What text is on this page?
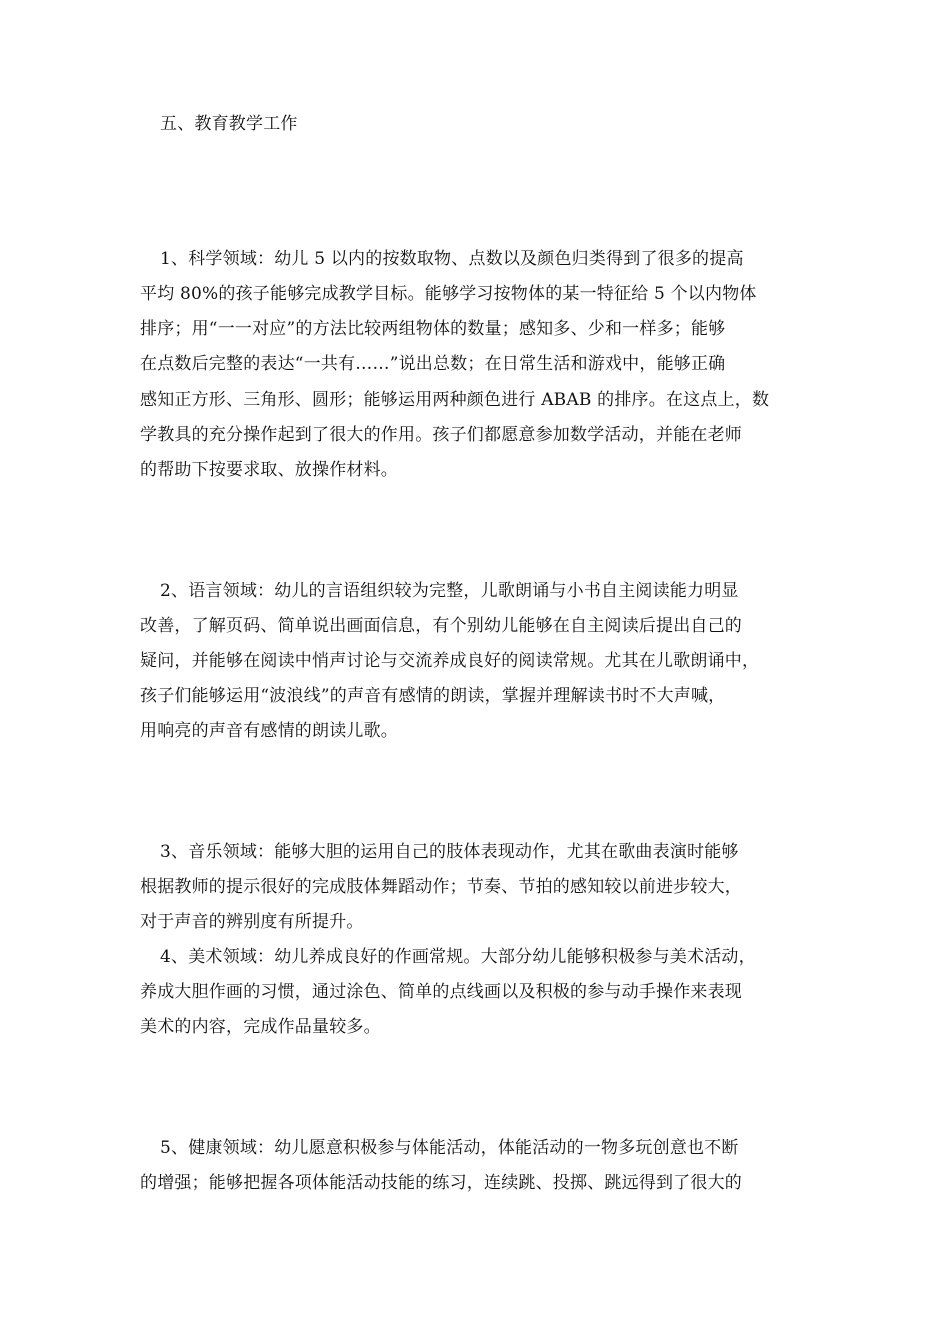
五、教育教学工作
1、科学领域：幼儿 5 以内的按数取物、点数以及颜色归类得到了很多的提高
平均 80%的孩子能够完成教学目标。能够学习按物体的某一特征给 5 个以内物体
排序；用“一一对应”的方法比较两组物体的数量；感知多、少和一样多；能够
在点数后完整的表达“一共有……”说出总数；在日常生活和游戏中，能够正确
感知正方形、三角形、圆形；能够运用两种颜色进行 ABAB 的排序。在这点上，数
学教具的充分操作起到了很大的作用。孩子们都愿意参加数学活动，并能在老师
的帮助下按要求取、放操作材料。
2、语言领域：幼儿的言语组织较为完整，儿歌朗诵与小书自主阅读能力明显
改善，了解页码、简单说出画面信息，有个别幼儿能够在自主阅读后提出自己的
疑问，并能够在阅读中悄声讨论与交流养成良好的阅读常规。尤其在儿歌朗诵中，
孩子们能够运用“波浪线”的声音有感情的朗读，掌握并理解读书时不大声喊，
用响亮的声音有感情的朗读儿歌。
3、音乐领域：能够大胆的运用自己的肢体表现动作，尤其在歌曲表演时能够
根据教师的提示很好的完成肢体舞蹈动作；节奏、节拍的感知较以前进步较大，
对于声音的辨别度有所提升。
4、美术领域：幼儿养成良好的作画常规。大部分幼儿能够积极参与美术活动，
养成大胆作画的习惯，通过涂色、简单的点线画以及积极的参与动手操作来表现
美术的内容，完成作品量较多。
5、健康领域：幼儿愿意积极参与体能活动，体能活动的一物多玩创意也不断
的增强；能够把握各项体能活动技能的练习，连续跳、投掷、跳远得到了很大的
